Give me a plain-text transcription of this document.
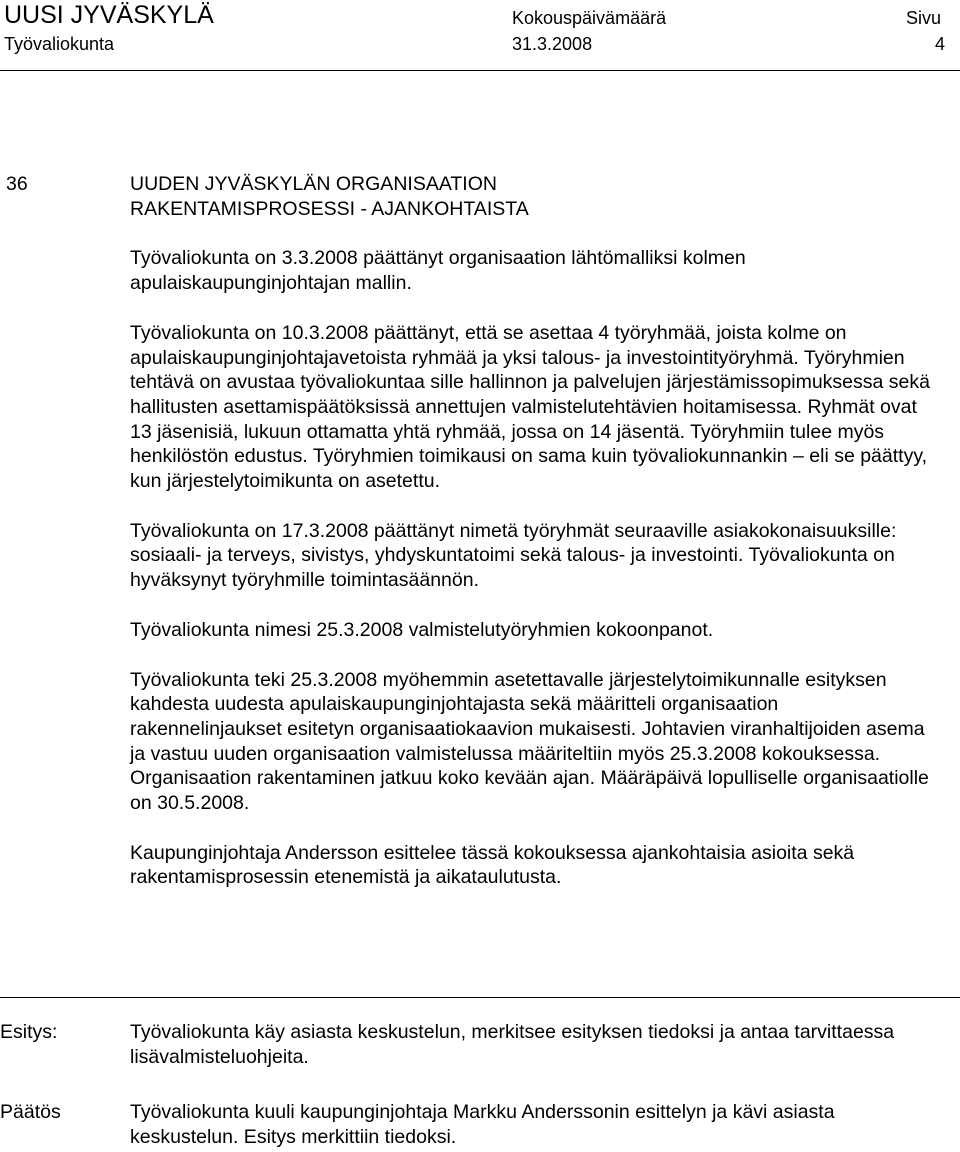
UUSI JYVÄSKYLÄ
Työvaliokunta
Kokouspäivämäärä
31.3.2008
Sivu
4
36	UUDEN JYVÄSKYLÄN ORGANISAATION RAKENTAMISPROSESSI - AJANKOHTAISTA

Työvaliokunta on 3.3.2008 päättänyt organisaation lähtömalliksi kolmen apulaiskaupunginjohtajan mallin.

Työvaliokunta on 10.3.2008 päättänyt, että se asettaa 4 työryhmää, joista kolme on apulaiskaupunginjohtajavetoista ryhmää ja yksi talous- ja investointityöryhmä. Työryhmien tehtävä on avustaa työvaliokuntaa sille hallinnon ja palvelujen järjestämissopimuksessa sekä hallitusten asettamispäätöksissä annettujen valmistelutehtävien hoitamisessa. Ryhmät ovat 13 jäsenisiä, lukuun ottamatta yhtä ryhmää, jossa on 14 jäsentä. Työryhmiin tulee myös henkilöstön edustus. Työryhmien toimikausi on sama kuin työvaliokunnankin – eli se päättyy, kun järjestelytoimikunta on asetettu.

Työvaliokunta on 17.3.2008 päättänyt nimetä työryhmät seuraaville asiakokonaisuuksille: sosiaali- ja terveys, sivistys, yhdyskuntatoimi sekä talous- ja investointi. Työvaliokunta on hyväksynyt työryhmille toimintasäännön.

Työvaliokunta nimesi 25.3.2008 valmistelutyöryhmien kokoonpanot.

Työvaliokunta teki 25.3.2008 myöhemmin asetettavalle järjestelytoimikunnalle esityksen kahdesta uudesta apulaiskaupunginjohtajasta sekä määritteli organisaation rakennelinjaukset esitetyn organisaatiokaavion mukaisesti. Johtavien viranhaltijoiden asema ja vastuu uuden organisaation valmistelussa määriteltiin myös 25.3.2008 kokouksessa. Organisaation rakentaminen jatkuu koko kevään ajan. Määräpäivä lopulliselle organisaatiolle on 30.5.2008.

Kaupunginjohtaja Andersson esittelee tässä kokouksessa ajankohtaisia asioita sekä rakentamisprosessin etenemistä ja aikataulutusta.

Esitys:	Työvaliokunta käy asiasta keskustelun, merkitsee esityksen tiedoksi ja antaa tarvittaessa lisävalmisteluohjeita.
Päätös	Työvaliokunta kuuli kaupunginjohtaja Markku Anderssonin esittelyn ja kävi asiasta keskustelun. Esitys merkittiin tiedoksi.
